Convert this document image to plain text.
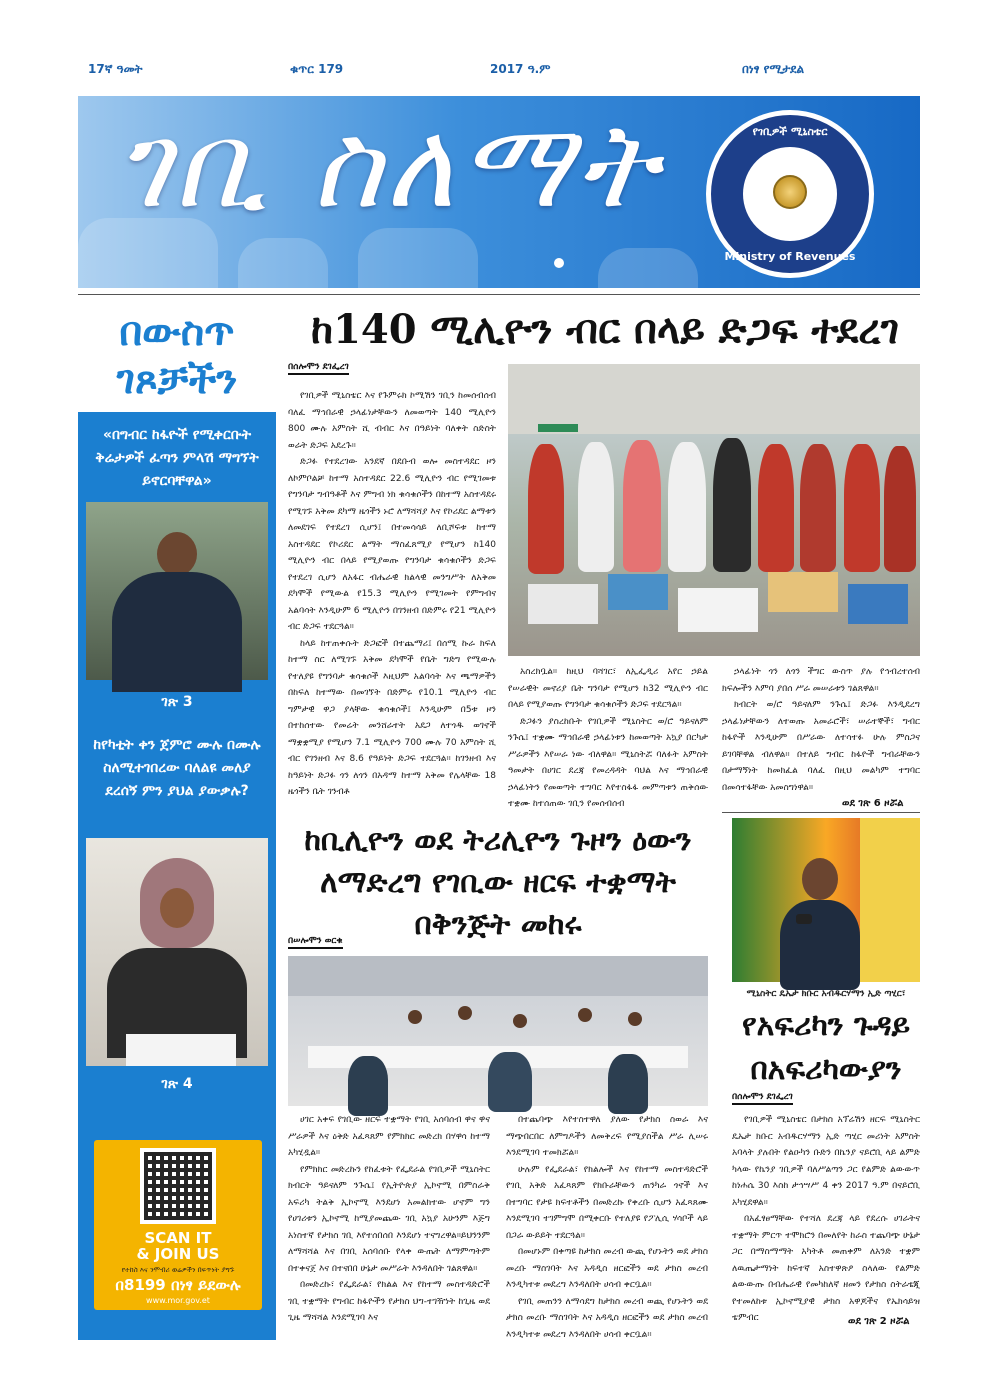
17ኛ ዓመት	ቁጥር 179	2017 ዓ.ም	በነፃ የሚታደል
ገቢ ስለማት	የገቢዎች ሚኒስቴር
Ministry of Revenues
በውስጥ ገጾቻችን
«በግብር ከፋዮች የሚቀርቡት ቅሬታዎች ፈጣን ምላሽ ማግኘት ይኖርባቸዋል»
ገጽ 3
ከየካቲት ቀን ጀምሮ ሙሉ በሙሉ ስለሚተገበረው ባለልዩ መለያ ደረሰኝ ምን ያህል ያውቃሉ?
ገጽ 4
SCAN IT
& JOIN US
የተከስ እና ንሞብሪ ወሬዎችን በፍጥነት ያግኙ
በ8199 በነፃ ይደውሉ
www.mor.gov.et
ከ140 ሚሊዮን ብር በላይ ድጋፍ ተደረገ
በሰሎሞን ደገፌረገ

የገቢዎች ሚኒስቴር እና የጉምሩክ ኮሚሽን ገቢን ከመሰብሰብ ባለፈ ማኅበራዊ ኃላፊነታቸውን ለመወጣት 140 ሚሊዮን 800 ሙሉ አምስት ሺ ብብር እና በዓይነት ባለቀት ስድስት ወራት ድጋፍ አደረጉ።

ድጋፉ የተደረገው አንደኛ በደቡብ ወሎ መስተዳደር ዞን ለኮምቦልቻ ከተማ አስተዳደር 22.6 ሚሊዮን ብር የሚገመቱ የግንባታ ግብዓቶች እና ምግብ ነክ ቁሳቁሶችን በከተማ አስተዳደሩ የሚገኙ አቅመ ደካማ ዜጎችን ኑሮ ለማሻሻያ እና የኮሪደር ልማቱን ለመደገፍ የተደረገ ሲሆን፤ በተመሳሳይ ለቢሾፍቱ ከተማ አስተዳደር የኮሪደር ልማት ማስፈጸሚያ የሚሆን ከ140 ሚሊዮን ብር በላይ የሚያወጡ የግንባታ ቁሳቁሶችን ድጋፍ የተደረገ ሲሆን ለአፋር ብሔራዊ ክልላዊ መንግሥት ለአቅመ ደካሞች የሚውል የ15.3 ሚሊዮን የሚገመት የምግብና አልባሳት እንዲሁም 6 ሚሊዮን በገንዘብ በድምሩ የ21 ሚሊዮን ብር ድጋፍ ተደርጓል።

ከላይ ከተጠቀሱት ድጋፎች በተጨማሪ፤ በሰሚ ኩራ ክፍለ ከተማ ስር ለሚገኙ አቅመ ደካሞች የቤት ግድግ የሚውሉ የተለያዩ የግንባታ ቁሳቁሶች እዚህም አልባሳት እና ጫማዎችን በከፍለ ከተማው በመገኘት በድምሩ የ10.1 ሚሊዮን ብር ግምታዊ ዋጋ ያላቸው ቁሳቁሶች፤ እንዲሁም በ5ቱ ዞን በተከሰተው የመሬት መንሸራተት አደጋ ለተጎዱ ወገኖች ማቋቋሚያ የሚሆን 7.1 ሚሊዮን 700 ሙሉ 70 አምስት ሺ ብር የገንዘብ እና 8.6 የዓይነት ድጋፍ ተደርጓል። ከገንዘብ እና ከዓይነት ድጋፉ ጎን ለጎን በአዳማ ከተማ አቅመ የሌላቸው 18 ዜጎችን ቤት ገንብቶ

አስረክቧል። ከዚህ ባሻገር፣ ለኢፌዲሪ አየር ኃይል የሠራዊት መኖሪያ ቤት ግንባታ የሚሆን ከ32 ሚሊዮን ብር በላይ የሚያወጡ የግንባታ ቁሳቁሶችን ድጋፍ ተደርጓል።

ድጋፉን ያስረከቡት የገቢዎች ሚኒስትር ወ/ሮ ዓይናለም ንጉሴ፤ ተቋሙ ማኅበራዊ ኃላፊነቱን ከመወጣት አኳያ በርካታ ሥራዎችን እየሠራ ነው ብለዋል። ሚኒስትሯ ባለፉት አምስት ዓመታት በሀገር ደረጃ የመረዳዳት ባህል እና ማኅበራዊ ኃላፊነትን የመወጣት ተግባር እየተስፋፋ መምጣቱን ጠቅሰው ተቋሙ ከተሰጠው ገቢን የመሰብሰብ

ኃላፊነት ጎን ለጎን ችግር ውስጥ ያሉ የኅብረተሰብ ክፍሎችን እምባ ያበሰ ሥራ መሠራቱን ገልጸዋል።

ክብርት ወ/ሮ ዓይናለም ንጉሴ፤ ድጋፉ እንዲደረግ ኃላፊነታቸውን ለተወጡ አመራሮች፣ ሠራተኞች፣ ግብር ከፋዮች እንዲሁም በሥራው ለተሳተፉ ሁሉ ምስጋና ይገባቸዋል ብለዋል። በተለይ ግብር ከፋዮች ግብራቸውን በታማኝነት ከመክፈል ባለፈ በዚህ መልካም ተግባር በመሳተፋቸው አመስግነዋል።

ወደ ገጽ 6 ዞሯል
ከቢሊዮን ወደ ትሪሊዮን ጉዞን ዕውን ለማድረግ የገቢው ዘርፍ ተቋማት በቅንጅት መከሩ
በሠሎሞን ወርቁ

ሀገር አቀፍ የገቢው ዘርፍ ተቋማት የገቢ አሰባሰብ ዋና ዋና ሥራዎች እና ዕቅድ አፈጻጸም የምክክር መድረክ በሃዋሳ ከተማ አካሂዷል።

የምክክር መድረኩን የከፈቱት የፌደራል የገቢዎች ሚኒስትር ክብርት ዓይናለም ንጉሴ፤ የኢትዮጵያ ኢኮኖሚ በምስራቅ አፍሪካ ትልቅ ኢኮኖሚ እንደሆነ አመልክተው ሆኖም ግን የሀገሪቱን ኢኮኖሚ ከሚያመጨው ገቢ አኳያ አሁንም እጅግ አነስተኛ የታክስ ገቢ እየተሰበሰበ እንደሆነ ተናግረዋል።ይህንንም ለማሻሻል እና በገቢ አሰባሰቡ የላቀ ውጤት ለማምጣትም በተቀናጀ እና በተናበበ ሁኔታ መሥራት እንዳለበት ገልጸዋል።

በመድረኩ፣ የፌደራል፣ የክልል እና የከተማ መስተዳድሮች ገቢ ተቋማት የግብር ከፋዮችን የታክስ ህግ-ተገዥነት ከጊዜ ወደ ጊዜ ማሻሻል እንደሚገባ እና

በተጨባጭ እየተስተዋለ ያለው የታክስ ስወራ እና ማጭበርበር ለምግዶችን ለመቅረፍ የሚያስችል ሥራ ሊሠሩ እንደሚገባ ተመክሯል።

ሁሉም የፌደራል፣ የክልሎች እና የከተማ መስተዳድሮች የገቢ አቅድ አፈጻጸም የክቡራቸውን ጠንካራ ጎኖች እና በተግባር የታዩ ክፍተቶችን በመድረኩ የቀረቡ ሲሆን አፈጻጸሙ እንደሚገባ ተገምግሞ በሚቀርቡ የተለያዩ የፖሊሲ ሃሳቦች ላይ በጋራ ውይይት ተደርጓል።

በመሆኑም በቀጣዩ ከታክስ መረብ ውጪ የሆኑትን ወደ ታክስ መረቡ ማስገባት እና አዳዲስ ዘርፎችን ወደ ታክስ መረብ እንዲካተቱ መደረግ እንዳለበት ሀሳብ ቀርቧል።

የገቢ መጠንን ለማሳደግ ከታክስ መረብ ወጪ የሆኑትን ወደ ታክስ መረቡ ማስገባት እና አዳዲስ ዘርፎችን ወደ ታክስ መረብ እንዲካተቱ መደረግ እንዳለበት ሀሳብ ቀርቧል።

ሚኒስትር ዴኤታ ክቡር አብዱርሃማን ኢድ ጣሂር፣
የአፍሪካን ጉዳይ በአፍሪካውያን
በሰሎሞን ደገፌረገ

የገቢዎች ሚኒስቴር በታክስ አፕሬሽን ዘርፍ ሚኒስትር ዴኤታ ክቡር አብዱርሃማን ኢድ ጣሂር መሪነት አምስት አባላት ያሉበት የልዑካን ቡድን በኬንያ ናይሮቢ ላይ ልምድ ካላው የኬንያ ገቢዎች ባለሥልጣን ጋር የልምድ ልውውጥ ከነሐሴ 30 እስከ ታኅሣሥ 4 ቀን 2017 ዓ.ም በናይሮቢ አካሂደዋል።

በአፈፃፀማቸው የተሻለ ደረጃ ላይ የደረሱ ሀገራትና ተቋማት ምርጥ ተሞክሮን በመለየት ከራስ ተጨባጭ ሁኔታ ጋር በማስማማት አካትቶ መጠቀም ለአንድ ተቋም ለዉጤታማነት ከፍተኛ አስተዋጽዖ ስላለው የልምድ ልውውጡ በብሔራዊ የመካከለኛ ዘመን የታክስ ስትራቴጂ የተመለከቱ ኢኮኖሚያዊ ታክስ አዋጆችና የኤክሳይዝ ቴምብር	ወደ ገጽ 2 ዞሯል
